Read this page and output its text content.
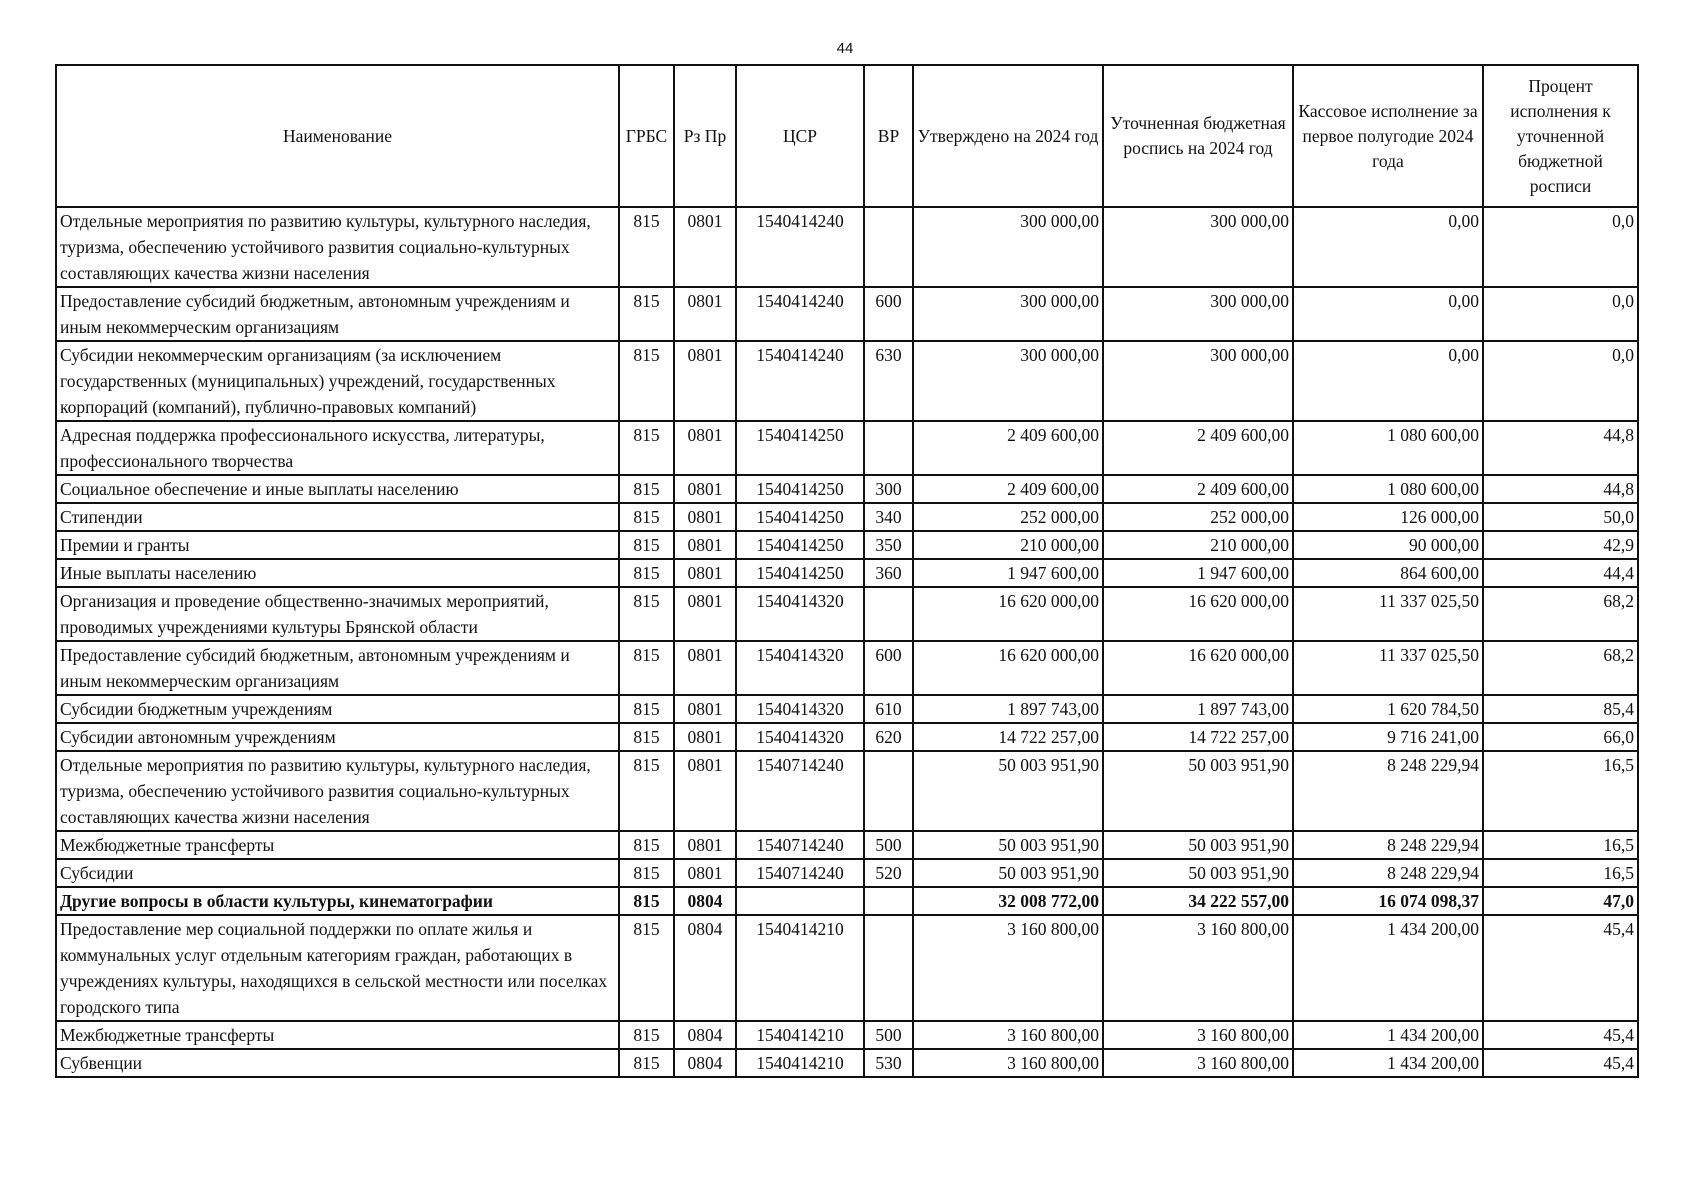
44
Наименование	ГРБС	Рз Пр	ЦСР	ВР	Утверждено на 2024 год	Уточненная бюджетная роспись на 2024 год	Кассовое исполнение за первое полугодие 2024 года	Процент исполнения к уточненной бюджетной росписи
Отдельные мероприятия по развитию культуры, культурного наследия, туризма, обеспечению устойчивого развития социально-культурных составляющих качества жизни населения	815	0801	1540414240		300 000,00	300 000,00	0,00	0,0
Предоставление субсидий бюджетным, автономным учреждениям и иным некоммерческим организациям	815	0801	1540414240	600	300 000,00	300 000,00	0,00	0,0
Субсидии некоммерческим организациям (за исключением государственных (муниципальных) учреждений, государственных корпораций (компаний), публично-правовых компаний)	815	0801	1540414240	630	300 000,00	300 000,00	0,00	0,0
Адресная поддержка профессионального искусства, литературы, профессионального творчества	815	0801	1540414250		2 409 600,00	2 409 600,00	1 080 600,00	44,8
Социальное обеспечение и иные выплаты населению	815	0801	1540414250	300	2 409 600,00	2 409 600,00	1 080 600,00	44,8
Стипендии	815	0801	1540414250	340	252 000,00	252 000,00	126 000,00	50,0
Премии и гранты	815	0801	1540414250	350	210 000,00	210 000,00	90 000,00	42,9
Иные выплаты населению	815	0801	1540414250	360	1 947 600,00	1 947 600,00	864 600,00	44,4
Организация и проведение общественно-значимых мероприятий, проводимых учреждениями культуры Брянской области	815	0801	1540414320		16 620 000,00	16 620 000,00	11 337 025,50	68,2
Предоставление субсидий бюджетным, автономным учреждениям и иным некоммерческим организациям	815	0801	1540414320	600	16 620 000,00	16 620 000,00	11 337 025,50	68,2
Субсидии бюджетным учреждениям	815	0801	1540414320	610	1 897 743,00	1 897 743,00	1 620 784,50	85,4
Субсидии автономным учреждениям	815	0801	1540414320	620	14 722 257,00	14 722 257,00	9 716 241,00	66,0
Отдельные мероприятия по развитию культуры, культурного наследия, туризма, обеспечению устойчивого развития социально-культурных составляющих качества жизни населения	815	0801	1540714240		50 003 951,90	50 003 951,90	8 248 229,94	16,5
Межбюджетные трансферты	815	0801	1540714240	500	50 003 951,90	50 003 951,90	8 248 229,94	16,5
Субсидии	815	0801	1540714240	520	50 003 951,90	50 003 951,90	8 248 229,94	16,5
Другие вопросы в области культуры, кинематографии	815	0804			32 008 772,00	34 222 557,00	16 074 098,37	47,0
Предоставление мер социальной поддержки по оплате жилья и коммунальных услуг отдельным категориям граждан, работающих в учреждениях культуры, находящихся в сельской местности или поселках городского типа	815	0804	1540414210		3 160 800,00	3 160 800,00	1 434 200,00	45,4
Межбюджетные трансферты	815	0804	1540414210	500	3 160 800,00	3 160 800,00	1 434 200,00	45,4
Субвенции	815	0804	1540414210	530	3 160 800,00	3 160 800,00	1 434 200,00	45,4
